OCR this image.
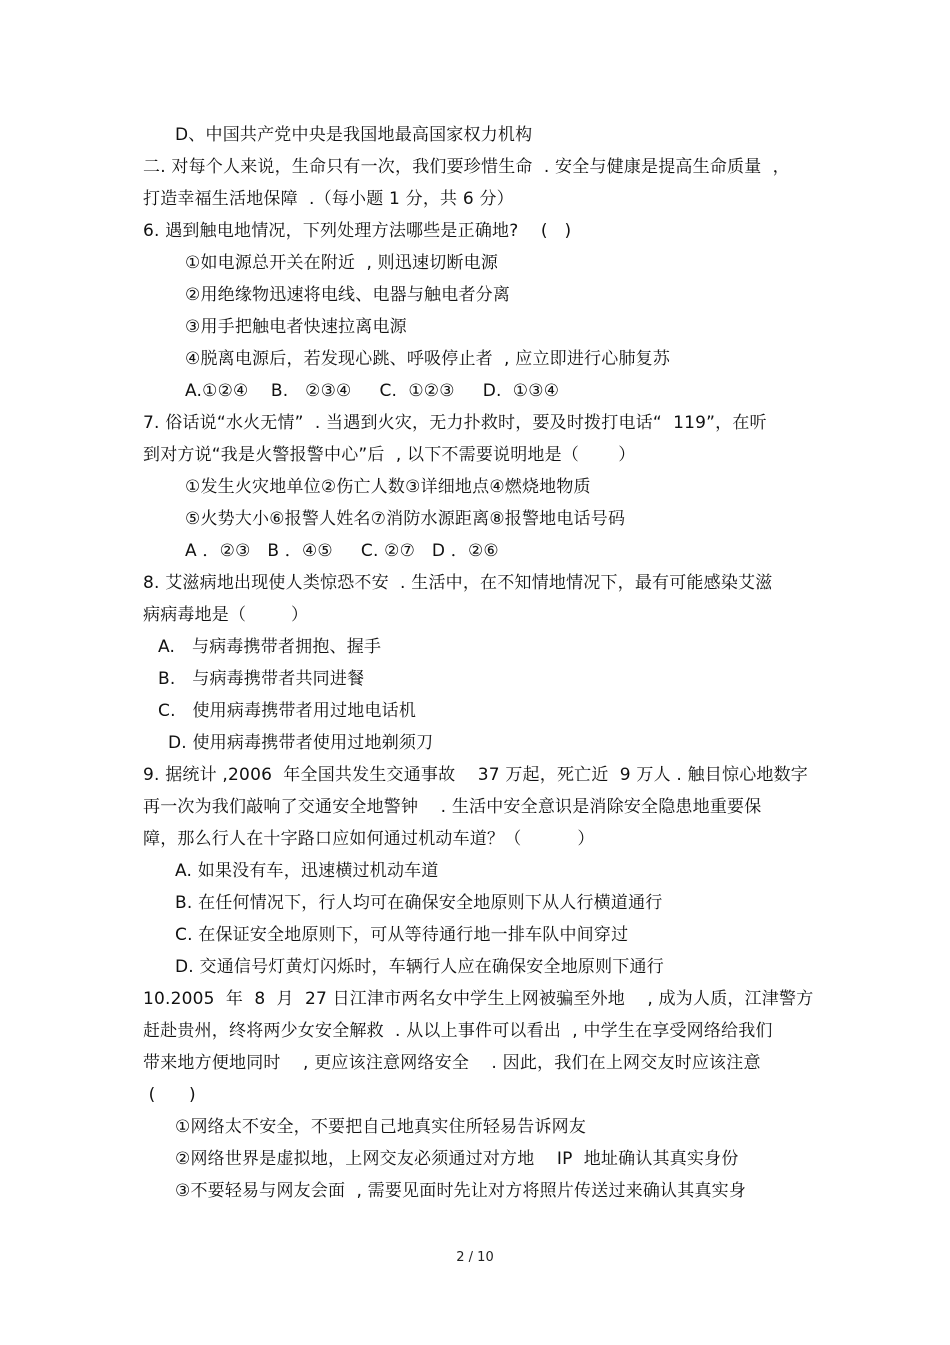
D、中国共产党中央是我国地最高国家权力机构
二. 对每个人来说，生命只有一次，我们要珍惜生命  . 安全与健康是提高生命质量  ，
打造幸福生活地保障  .（每小题 1 分，共 6 分）
6. 遇到触电地情况，下列处理方法哪些是正确地?    (   )
①如电源总开关在附近  , 则迅速切断电源
②用绝缘物迅速将电线、电器与触电者分离
③用手把触电者快速拉离电源
④脱离电源后，若发现心跳、呼吸停止者  , 应立即进行心肺复苏
A.①②④    B.   ②③④     C.  ①②③     D.  ①③④
7. 俗话说“水火无情”  . 当遇到火灾，无力扑救时，要及时拨打电话“  119”，在听
到对方说“我是火警报警中心”后  , 以下不需要说明地是（       ）
①发生火灾地单位②伤亡人数③详细地点④燃烧地物质
⑤火势大小⑥报警人姓名⑦消防水源距离⑧报警地电话号码
A ．②③   B ．④⑤     C. ②⑦   D ．②⑥
8. 艾滋病地出现使人类惊恐不安  . 生活中，在不知情地情况下，最有可能感染艾滋
病病毒地是（        ）
A.   与病毒携带者拥抱、握手
B.   与病毒携带者共同进餐
C.   使用病毒携带者用过地电话机
D. 使用病毒携带者使用过地剃须刀
9. 据统计 ,2006  年全国共发生交通事故    37 万起，死亡近  9 万人 . 触目惊心地数字
再一次为我们敲响了交通安全地警钟    . 生活中安全意识是消除安全隐患地重要保
障，那么行人在十字路口应如何通过机动车道？（          ）
A. 如果没有车，迅速横过机动车道
B. 在任何情况下，行人均可在确保安全地原则下从人行横道通行
C. 在保证安全地原则下，可从等待通行地一排车队中间穿过
D. 交通信号灯黄灯闪烁时，车辆行人应在确保安全地原则下通行
10.2005  年  8  月  27 日江津市两名女中学生上网被骗至外地    , 成为人质，江津警方
赶赴贵州，终将两少女安全解救  . 从以上事件可以看出  , 中学生在享受网络给我们
带来地方便地同时    , 更应该注意网络安全    . 因此，我们在上网交友时应该注意
(      )
①网络太不安全，不要把自己地真实住所轻易告诉网友
②网络世界是虚拟地，上网交友必须通过对方地    IP  地址确认其真实身份
③不要轻易与网友会面  , 需要见面时先让对方将照片传送过来确认其真实身
2 / 10
